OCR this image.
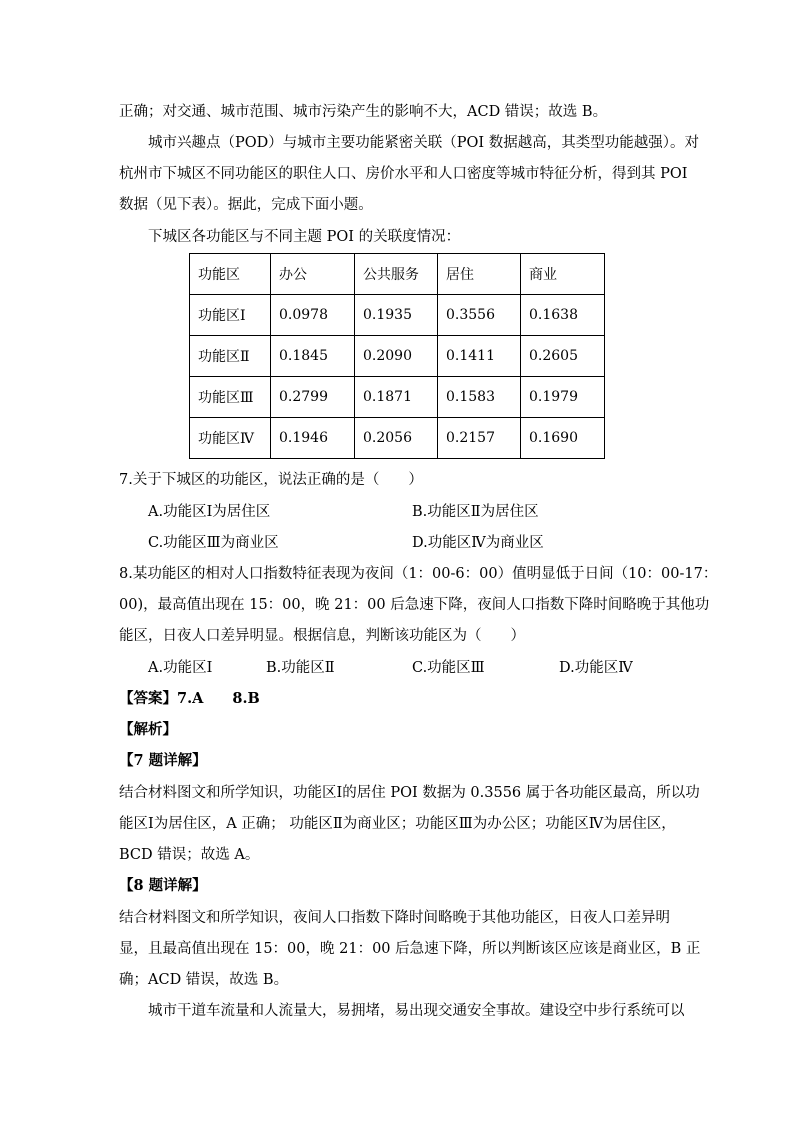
正确；对交通、城市范围、城市污染产生的影响不大，ACD 错误；故选 B。
城市兴趣点（POD）与城市主要功能紧密关联（POI 数据越高，其类型功能越强）。对
杭州市下城区不同功能区的职住人口、房价水平和人口密度等城市特征分析，得到其 POI
数据（见下表）。据此，完成下面小题。
下城区各功能区与不同主题 POI 的关联度情况：
功能区	办公	公共服务	居住	商业
功能区Ⅰ	0.0978	0.1935	0.3556	0.1638
功能区Ⅱ	0.1845	0.2090	0.1411	0.2605
功能区Ⅲ	0.2799	0.1871	0.1583	0.1979
功能区Ⅳ	0.1946	0.2056	0.2157	0.1690
7.关于下城区的功能区，说法正确的是（　　）
A.功能区Ⅰ为居住区	B.功能区Ⅱ为居住区
C.功能区Ⅲ为商业区	D.功能区Ⅳ为商业区
8.某功能区的相对人口指数特征表现为夜间（1：00-6：00）值明显低于日间（10：00-17：
00)，最高值出现在 15：00，晚 21：00 后急速下降，夜间人口指数下降时间略晚于其他功
能区，日夜人口差异明显。根据信息，判断该功能区为（　　）
A.功能区Ⅰ	B.功能区Ⅱ	C.功能区Ⅲ	D.功能区Ⅳ
【答案】7.A　　8.B
【解析】
【7 题详解】
结合材料图文和所学知识，功能区Ⅰ的居住 POI 数据为 0.3556 属于各功能区最高，所以功
能区Ⅰ为居住区，A 正确； 功能区Ⅱ为商业区；功能区Ⅲ为办公区；功能区Ⅳ为居住区，
BCD 错误；故选 A。
【8 题详解】
结合材料图文和所学知识，夜间人口指数下降时间略晚于其他功能区，日夜人口差异明
显，且最高值出现在 15：00，晚 21：00 后急速下降，所以判断该区应该是商业区，B 正
确；ACD 错误，故选 B。
城市干道车流量和人流量大，易拥堵，易出现交通安全事故。建设空中步行系统可以
